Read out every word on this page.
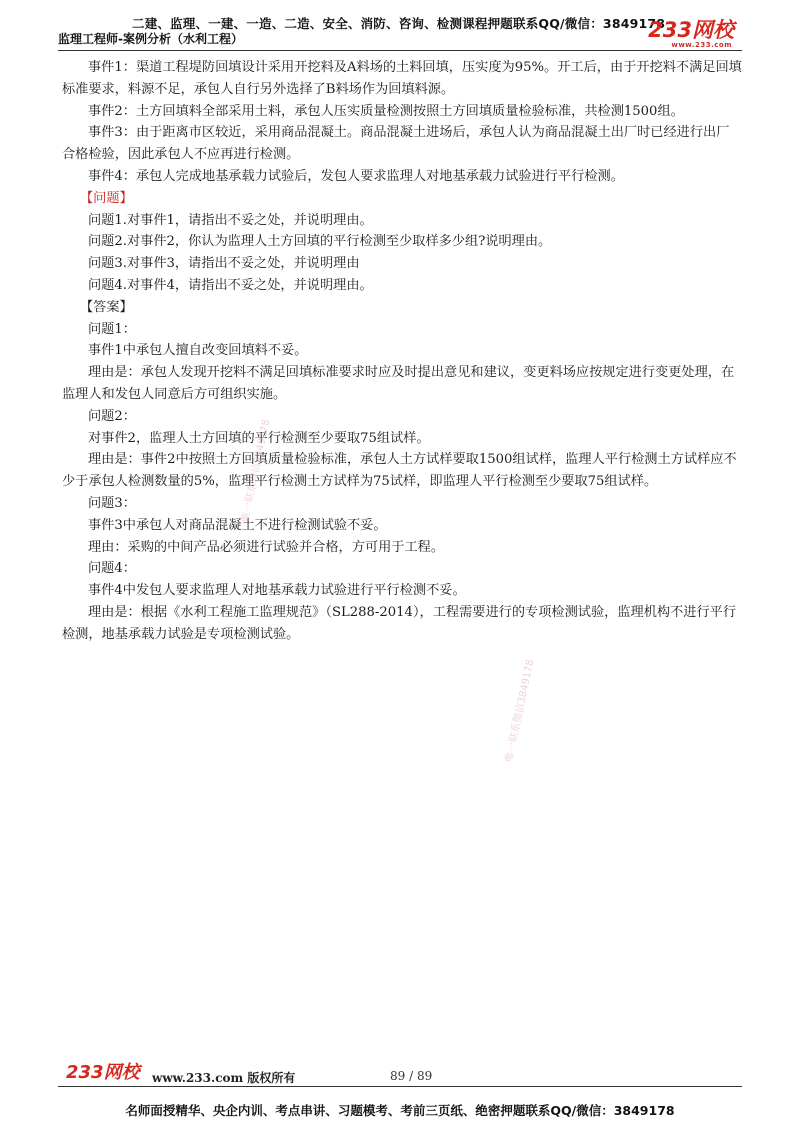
二建、监理、一建、一造、二造、安全、消防、咨询、检测课程押题联系QQ/微信：3849178
监理工程师-案例分析（水利工程）	233网校
www.233.com

事件1：渠道工程堤防回填设计采用开挖料及A料场的土料回填，压实度为95%。开工后，由于开挖料不满足回填标准要求，料源不足，承包人自行另外选择了B料场作为回填料源。

事件2：土方回填料全部采用土料，承包人压实质量检测按照土方回填质量检验标准，共检测1500组。

事件3：由于距离市区较近，采用商品混凝土。商品混凝土进场后，承包人认为商品混凝土出厂时已经进行出厂合格检验，因此承包人不应再进行检测。

事件4：承包人完成地基承载力试验后，发包人要求监理人对地基承载力试验进行平行检测。

【问题】

问题1.对事件1，请指出不妥之处，并说明理由。

问题2.对事件2，你认为监理人土方回填的平行检测至少取样多少组?说明理由。

问题3.对事件3，请指出不妥之处，并说明理由

问题4.对事件4，请指出不妥之处，并说明理由。

【答案】

问题1：

事件1中承包人擅自改变回填料不妥。

理由是：承包人发现开挖料不满足回填标准要求时应及时提出意见和建议，变更料场应按规定进行变更处理，在监理人和发包人同意后方可组织实施。

问题2：

对事件2，监理人土方回填的平行检测至少要取75组试样。

理由是：事件2中按照土方回填质量检验标准，承包人土方试样要取1500组试样，监理人平行检测土方试样应不少于承包人检测数量的5%，监理平行检测土方试样为75试样，即监理人平行检测至少要取75组试样。

问题3：

事件3中承包人对商品混凝土不进行检测试验不妥。

理由：采购的中间产品必须进行试验并合格，方可用于工程。

问题4：

事件4中发包人要求监理人对地基承载力试验进行平行检测不妥。

理由是：根据《水利工程施工监理规范》（SL288-2014），工程需要进行的专项检测试验，监理机构不进行平行检测，地基承载力试验是专项检测试验。

唯一联系微信3849178
唯一联系微信3849178
233网校 www.233.com 版权所有	89 / 89
名师面授精华、央企内训、考点串讲、习题模考、考前三页纸、绝密押题联系QQ/微信：3849178
